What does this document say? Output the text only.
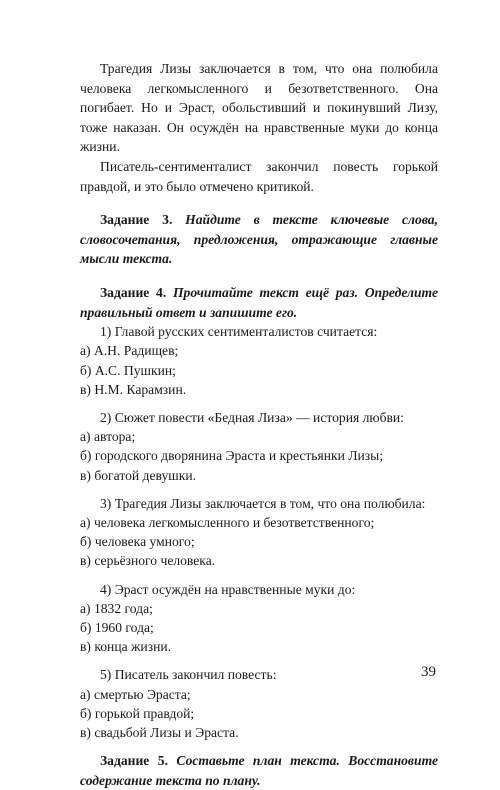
Трагедия Лизы заключается в том, что она полюбила человека легкомысленного и безответственного. Она погибает. Но и Эраст, обольстивший и покинувший Лизу, тоже наказан. Он осуждён на нравственные муки до конца жизни.

Писатель-сентименталист закончил повесть горькой правдой, и это было отмечено критикой.

Задание 3. Найдите в тексте ключевые слова, словосочетания, предложения, отражающие главные мысли текста.

Задание 4. Прочитайте текст ещё раз. Определите правильный ответ и запишите его.

1) Главой русских сентименталистов считается:
а) А.Н. Радищев;
б) А.С. Пушкин;
в) Н.М. Карамзин.
2) Сюжет повести «Бедная Лиза» — история любви:
а) автора;
б) городского дворянина Эраста и крестьянки Лизы;
в) богатой девушки.
3) Трагедия Лизы заключается в том, что она полюбила:
а) человека легкомысленного и безответственного;
б) человека умного;
в) серьёзного человека.
4) Эраст осуждён на нравственные муки до:
а) 1832 года;
б) 1960 года;
в) конца жизни.
5) Писатель закончил повесть:
а) смертью Эраста;
б) горькой правдой;
в) свадьбой Лизы и Эраста.

Задание 5. Составьте план текста. Восстановите содержание текста по плану.

39
